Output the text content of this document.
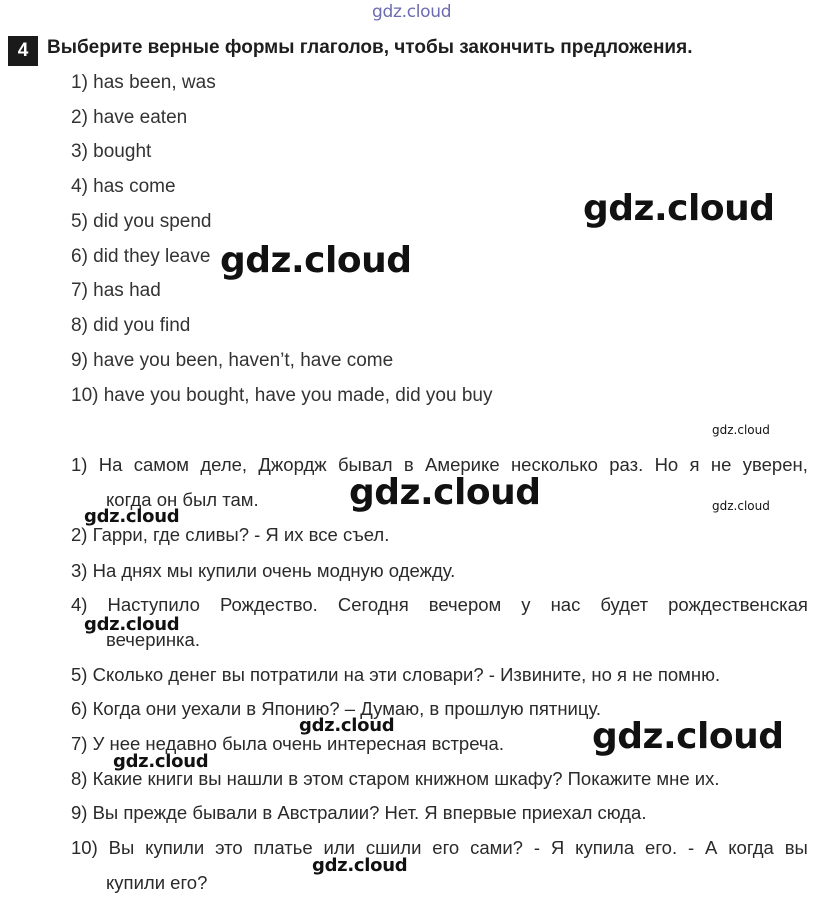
gdz.cloud
4 Выберите верные формы глаголов, чтобы закончить предложения.
1) has been, was
2) have eaten
3) bought
4) has come
5) did you spend
6) did they leave
7) has had
8) did you find
9) have you been, haven’t, have come
10) have you bought, have you made, did you buy
1) На самом деле, Джордж бывал в Америке несколько раз. Но я не уверен,
когда он был там.
2) Гарри, где сливы? - Я их все съел.
3) На днях мы купили очень модную одежду.
4) Наступило Рождество. Сегодня вечером у нас будет рождественская
вечеринка.
5) Сколько денег вы потратили на эти словари? - Извините, но я не помню.
6) Когда они уехали в Японию? – Думаю, в прошлую пятницу.
7) У нее недавно была очень интересная встреча.
8) Какие книги вы нашли в этом старом книжном шкафу? Покажите мне их.
9) Вы прежде бывали в Австралии? Нет. Я впервые приехал сюда.
10) Вы купили это платье или сшили его сами? - Я купила его. - А когда вы
купили его?
gdz.cloud
gdz.cloud
gdz.cloud
gdz.cloud
gdz.cloud
gdz.cloud
gdz.cloud
gdz.cloud
gdz.cloud
gdz.cloud
gdz.cloud
